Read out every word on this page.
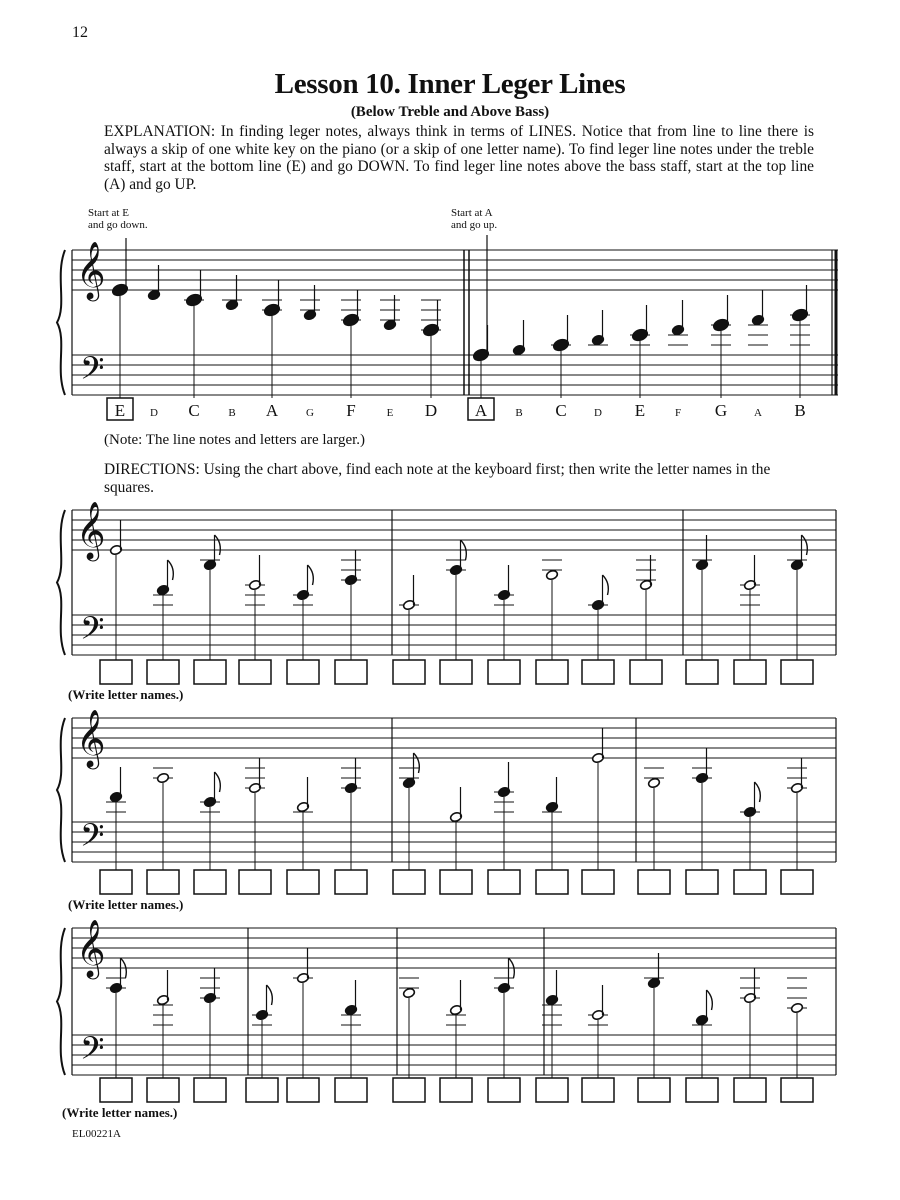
12
Lesson 10. Inner Leger Lines
(Below Treble and Above Bass)
EXPLANATION: In finding leger notes, always think in terms of LINES. Notice that from line to line there is always a skip of one white key on the piano (or a skip of one letter name). To find leger line notes under the treble staff, start at the bottom line (E) and go DOWN. To find leger line notes above the bass staff, start at the top line (A) and go UP.
Start at E
and go down.
Start at A
and go up.
(Note: The line notes and letters are larger.)
DIRECTIONS: Using the chart above, find each note at the keyboard first; then write the letter names in the squares.
(Write letter names.)
(Write letter names.)
(Write letter names.)
EL00221A
𝄞
𝄢
E D C	B A	G F	E D A	B C D E	F G A B
𝄞
𝄢
𝄞
𝄢
𝄞
𝄢
